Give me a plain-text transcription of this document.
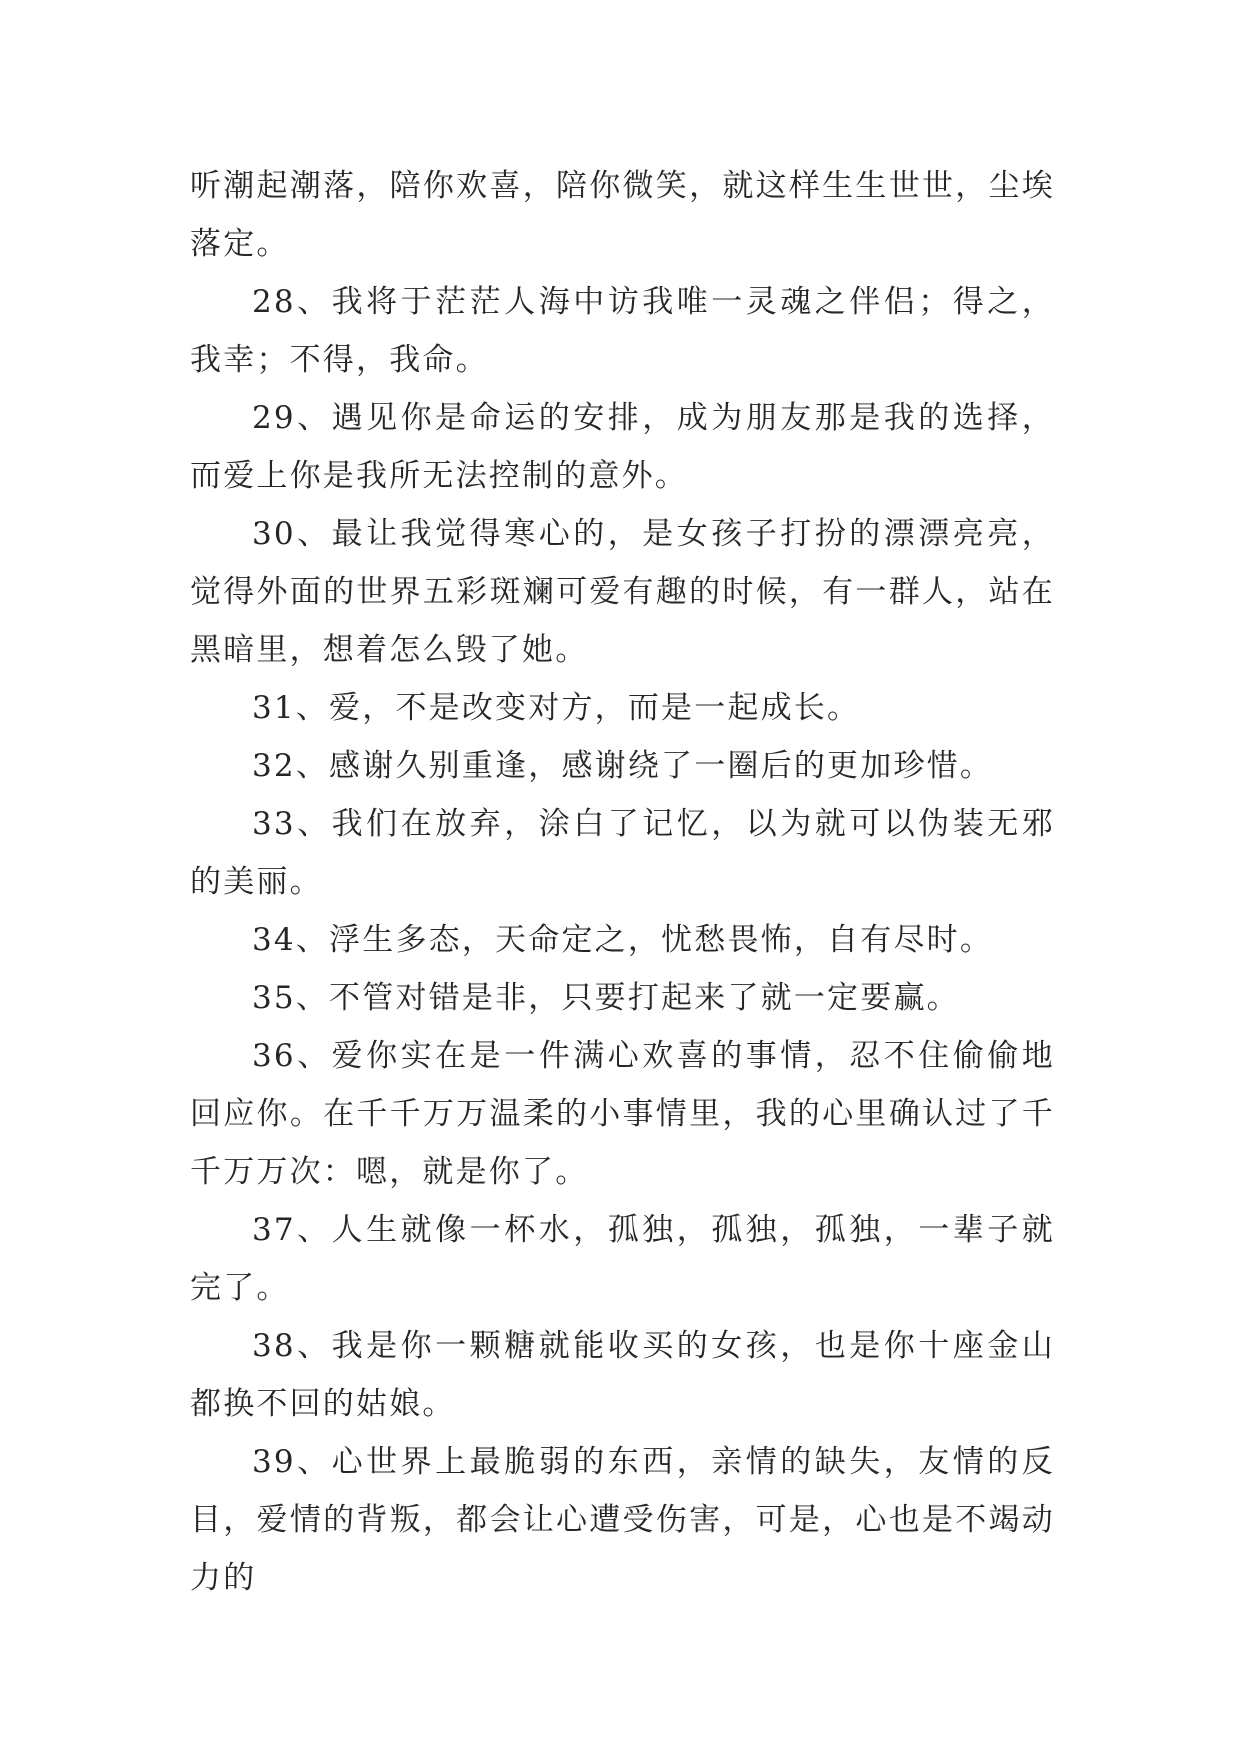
听潮起潮落，陪你欢喜，陪你微笑，就这样生生世世，尘埃落定。

28、我将于茫茫人海中访我唯一灵魂之伴侣；得之，我幸；不得，我命。

29、遇见你是命运的安排，成为朋友那是我的选择，而爱上你是我所无法控制的意外。

30、最让我觉得寒心的，是女孩子打扮的漂漂亮亮，觉得外面的世界五彩斑斓可爱有趣的时候，有一群人，站在黑暗里，想着怎么毁了她。

31、爱，不是改变对方，而是一起成长。

32、感谢久别重逢，感谢绕了一圈后的更加珍惜。

33、我们在放弃，涂白了记忆，以为就可以伪装无邪的美丽。

34、浮生多态，天命定之，忧愁畏怖，自有尽时。

35、不管对错是非，只要打起来了就一定要赢。

36、爱你实在是一件满心欢喜的事情，忍不住偷偷地回应你。在千千万万温柔的小事情里，我的心里确认过了千千万万次：嗯，就是你了。

37、人生就像一杯水，孤独，孤独，孤独，一辈子就完了。

38、我是你一颗糖就能收买的女孩，也是你十座金山都换不回的姑娘。

39、心世界上最脆弱的东西，亲情的缺失，友情的反目，爱情的背叛，都会让心遭受伤害，可是，心也是不竭动力的
